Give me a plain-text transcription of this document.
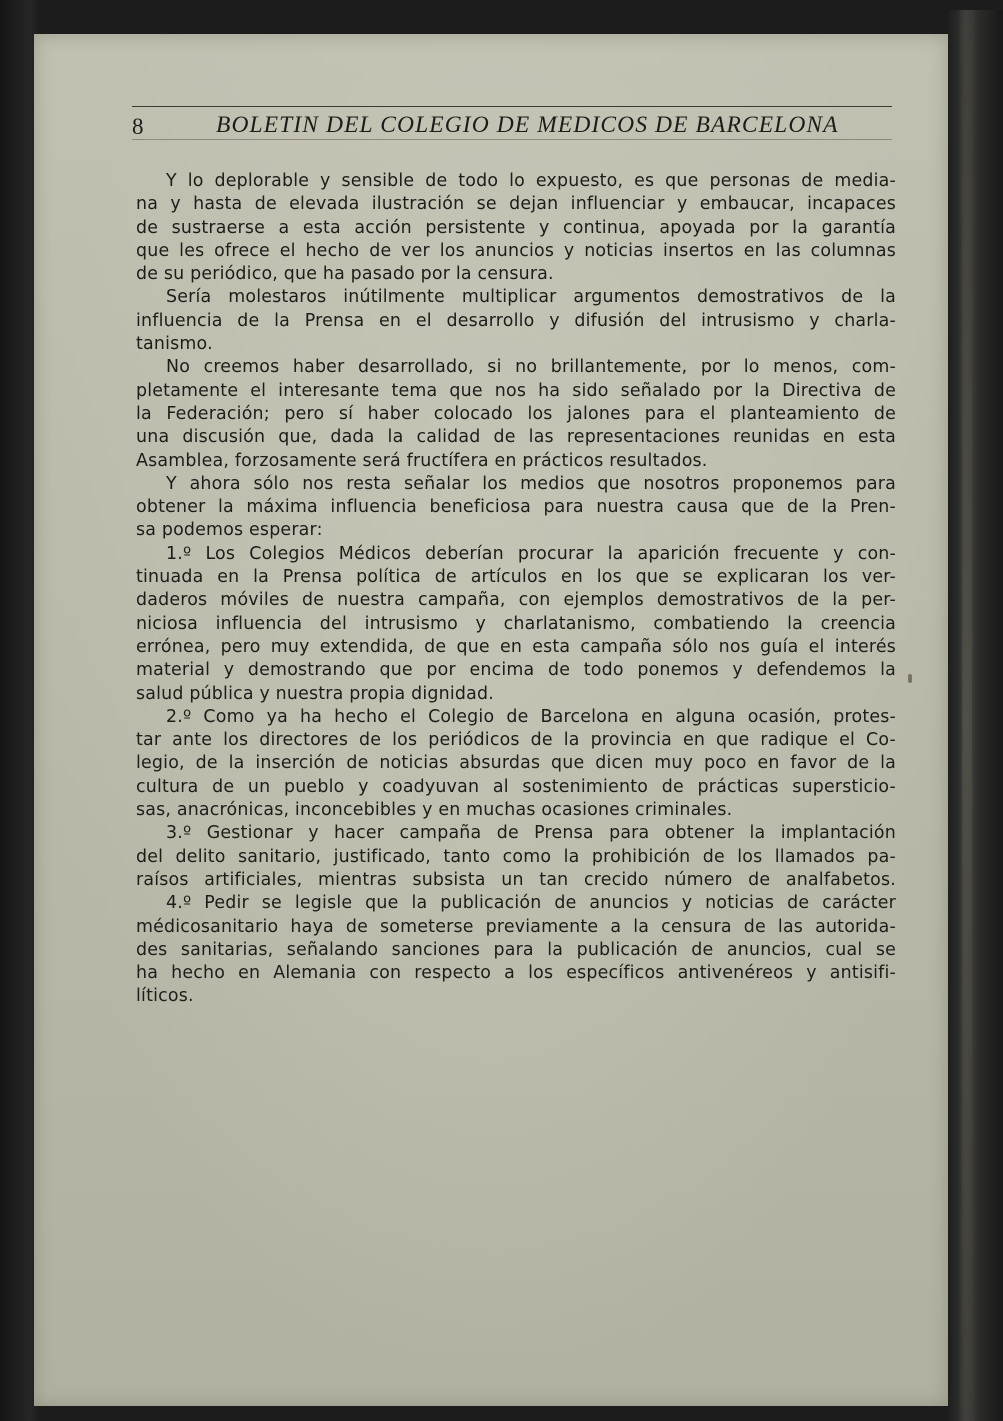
8	BOLETIN DEL COLEGIO DE MEDICOS DE BARCELONA
Y lo deplorable y sensible de todo lo expuesto, es que personas de media-
na y hasta de elevada ilustración se dejan influenciar y embaucar, incapaces
de sustraerse a esta acción persistente y continua, apoyada por la garantía
que les ofrece el hecho de ver los anuncios y noticias insertos en las columnas
de su periódico, que ha pasado por la censura.
Sería molestaros inútilmente multiplicar argumentos demostrativos de la
influencia de la Prensa en el desarrollo y difusión del intrusismo y charla-
tanismo.
No creemos haber desarrollado, si no brillantemente, por lo menos, com-
pletamente el interesante tema que nos ha sido señalado por la Directiva de
la Federación; pero sí haber colocado los jalones para el planteamiento de
una discusión que, dada la calidad de las representaciones reunidas en esta
Asamblea, forzosamente será fructífera en prácticos resultados.
Y ahora sólo nos resta señalar los medios que nosotros proponemos para
obtener la máxima influencia beneficiosa para nuestra causa que de la Pren-
sa podemos esperar:
1.º Los Colegios Médicos deberían procurar la aparición frecuente y con-
tinuada en la Prensa política de artículos en los que se explicaran los ver-
daderos móviles de nuestra campaña, con ejemplos demostrativos de la per-
niciosa influencia del intrusismo y charlatanismo, combatiendo la creencia
errónea, pero muy extendida, de que en esta campaña sólo nos guía el interés
material y demostrando que por encima de todo ponemos y defendemos la
salud pública y nuestra propia dignidad.
2.º Como ya ha hecho el Colegio de Barcelona en alguna ocasión, protes-
tar ante los directores de los periódicos de la provincia en que radique el Co-
legio, de la inserción de noticias absurdas que dicen muy poco en favor de la
cultura de un pueblo y coadyuvan al sostenimiento de prácticas supersticio-
sas, anacrónicas, inconcebibles y en muchas ocasiones criminales.
3.º Gestionar y hacer campaña de Prensa para obtener la implantación
del delito sanitario, justificado, tanto como la prohibición de los llamados pa-
raísos artificiales, mientras subsista un tan crecido número de analfabetos.
4.º Pedir se legisle que la publicación de anuncios y noticias de carácter
médicosanitario haya de someterse previamente a la censura de las autorida-
des sanitarias, señalando sanciones para la publicación de anuncios, cual se
ha hecho en Alemania con respecto a los específicos antivenéreos y antisifi-
líticos.
